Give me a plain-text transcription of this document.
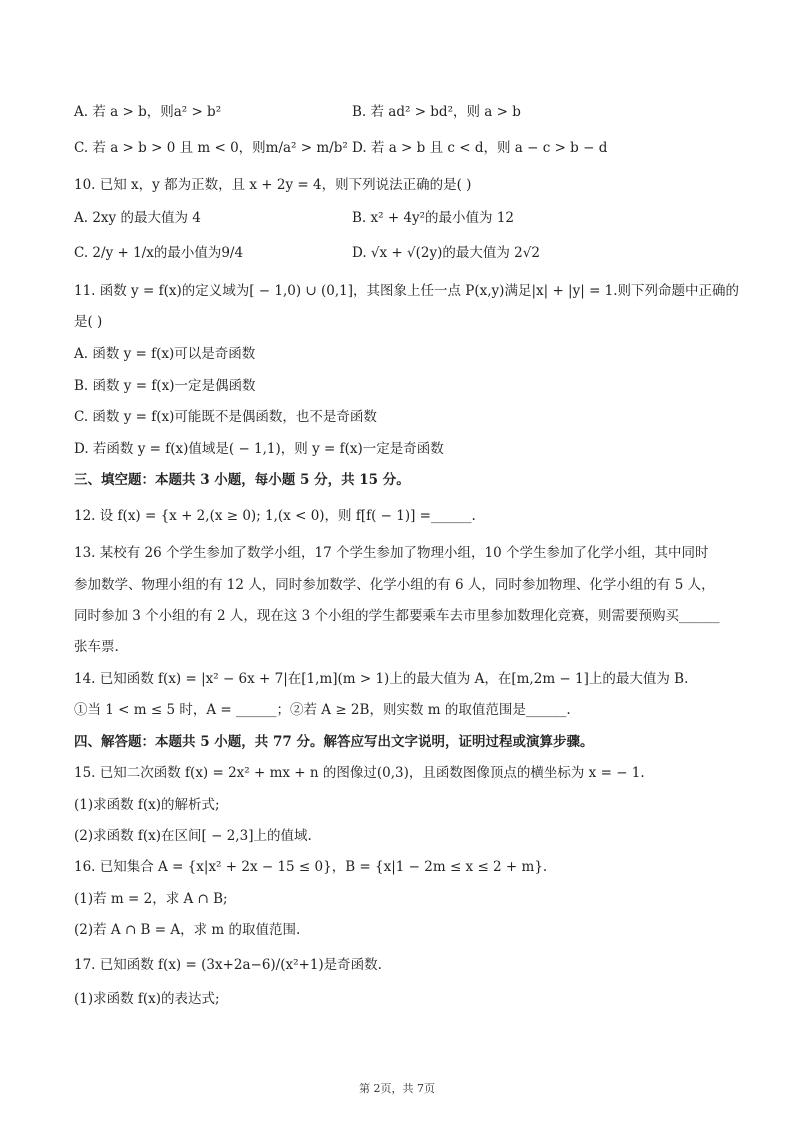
A. 若 a > b，则a² > b²	B. 若 ad² > bd²，则 a > b
C. 若 a > b > 0 且 m < 0，则m/a² > m/b² D. 若 a > b 且 c < d，则 a − c > b − d
10. 已知 x，y 都为正数，且 x + 2y = 4，则下列说法正确的是( )
A. 2xy 的最大值为 4	B. x² + 4y²的最小值为 12
C. 2/y + 1/x的最小值为9/4	D. √x + √(2y)的最大值为 2√2
11. 函数 y = f(x)的定义域为[ − 1,0) ∪ (0,1]，其图象上任一点 P(x,y)满足|x| + |y| = 1.则下列命题中正确的
是( )
A. 函数 y = f(x)可以是奇函数
B. 函数 y = f(x)一定是偶函数
C. 函数 y = f(x)可能既不是偶函数，也不是奇函数
D. 若函数 y = f(x)值域是( − 1,1)，则 y = f(x)一定是奇函数
三、填空题：本题共 3 小题，每小题 5 分，共 15 分。
12. 设 f(x) = {x + 2,(x ≥ 0); 1,(x < 0)，则 f[f( − 1)] =______.
13. 某校有 26 个学生参加了数学小组，17 个学生参加了物理小组，10 个学生参加了化学小组，其中同时
参加数学、物理小组的有 12 人，同时参加数学、化学小组的有 6 人，同时参加物理、化学小组的有 5 人，
同时参加 3 个小组的有 2 人，现在这 3 个小组的学生都要乘车去市里参加数理化竞赛，则需要预购买______
张车票.
14. 已知函数 f(x) = |x² − 6x + 7|在[1,m](m > 1)上的最大值为 A，在[m,2m − 1]上的最大值为 B.
①当 1 < m ≤ 5 时，A = ______；②若 A ≥ 2B，则实数 m 的取值范围是______.
四、解答题：本题共 5 小题，共 77 分。解答应写出文字说明，证明过程或演算步骤。
15. 已知二次函数 f(x) = 2x² + mx + n 的图像过(0,3)，且函数图像顶点的横坐标为 x = − 1.
(1)求函数 f(x)的解析式;
(2)求函数 f(x)在区间[ − 2,3]上的值域.
16. 已知集合 A = {x|x² + 2x − 15 ≤ 0}，B = {x|1 − 2m ≤ x ≤ 2 + m}.
(1)若 m = 2，求 A ∩ B;
(2)若 A ∩ B = A，求 m 的取值范围.
17. 已知函数 f(x) = (3x+2a−6)/(x²+1)是奇函数.
(1)求函数 f(x)的表达式;
第 2页，共 7页
